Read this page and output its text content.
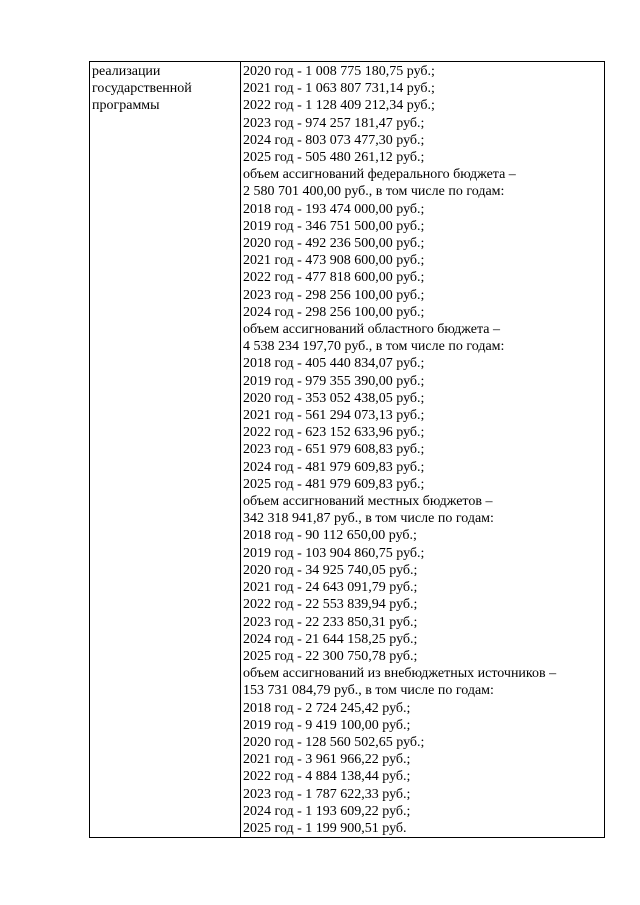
реализации
государственной
программы
2020 год - 1 008 775 180,75 руб.;
2021 год - 1 063 807 731,14 руб.;
2022 год - 1 128 409 212,34 руб.;
2023 год - 974 257 181,47 руб.;
2024 год - 803 073 477,30 руб.;
2025 год - 505 480 261,12 руб.;
объем ассигнований федерального бюджета –
2 580 701 400,00 руб., в том числе по годам:
2018 год - 193 474 000,00 руб.;
2019 год - 346 751 500,00 руб.;
2020 год - 492 236 500,00 руб.;
2021 год - 473 908 600,00 руб.;
2022 год - 477 818 600,00 руб.;
2023 год - 298 256 100,00 руб.;
2024 год - 298 256 100,00 руб.;
объем ассигнований областного бюджета –
4 538 234 197,70 руб., в том числе по годам:
2018 год - 405 440 834,07 руб.;
2019 год - 979 355 390,00 руб.;
2020 год - 353 052 438,05 руб.;
2021 год - 561 294 073,13 руб.;
2022 год - 623 152 633,96 руб.;
2023 год - 651 979 608,83 руб.;
2024 год - 481 979 609,83 руб.;
2025 год - 481 979 609,83 руб.;
объем ассигнований местных бюджетов –
342 318 941,87 руб., в том числе по годам:
2018 год - 90 112 650,00 руб.;
2019 год - 103 904 860,75 руб.;
2020 год - 34 925 740,05 руб.;
2021 год - 24 643 091,79 руб.;
2022 год - 22 553 839,94 руб.;
2023 год - 22 233 850,31 руб.;
2024 год - 21 644 158,25 руб.;
2025 год - 22 300 750,78 руб.;
объем ассигнований из внебюджетных источников –
153 731 084,79 руб., в том числе по годам:
2018 год - 2 724 245,42 руб.;
2019 год - 9 419 100,00 руб.;
2020 год - 128 560 502,65 руб.;
2021 год - 3 961 966,22 руб.;
2022 год - 4 884 138,44 руб.;
2023 год - 1 787 622,33 руб.;
2024 год - 1 193 609,22 руб.;
2025 год - 1 199 900,51 руб.
